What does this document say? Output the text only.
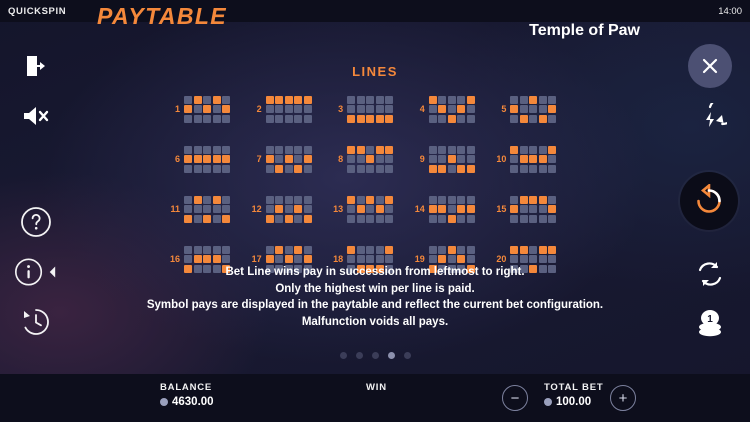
QUICKSPIN	14:00
PAYTABLE
Temple of Paw
1
LINES
1	2	3	4	5
6	7	8	9	10
11	12	13	14	15
16	17	18	19	20
Bet Line wins pay in succession from leftmost to right.
Only the highest win per line is paid.
Symbol pays are displayed in the paytable and reflect the current bet configuration.
Malfunction voids all pays.
BALANCE
4630.00
WIN
−
TOTAL BET
100.00	+
